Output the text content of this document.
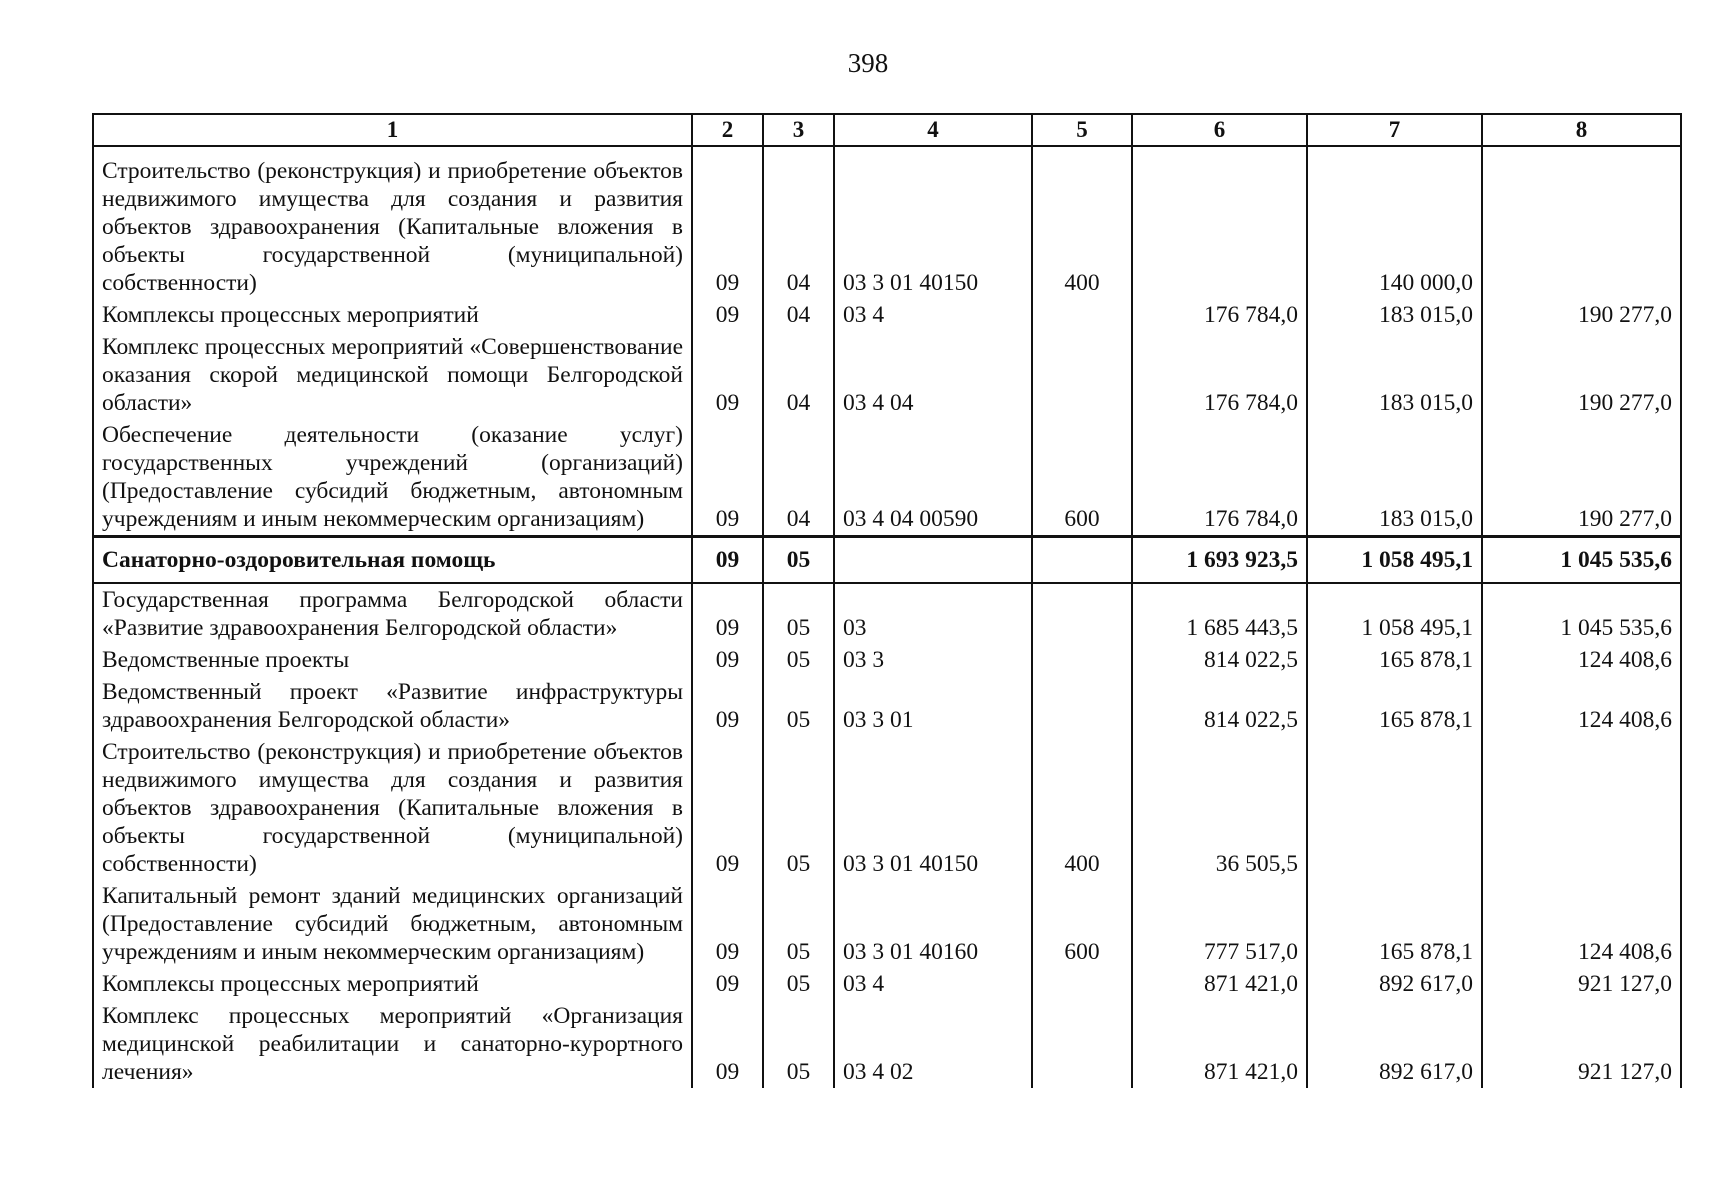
398
1	2	3	4	5	6	7	8
Строительство (реконструкция) и приобретение объектов недвижимого имущества для создания и развития объектов здравоохранения (Капитальные вложения в объекты государственной (муниципальной) собственности)	09	04	03 3 01 40150	400		140 000,0	
Комплексы процессных мероприятий	09	04	03 4		176 784,0	183 015,0	190 277,0
Комплекс процессных мероприятий «Совершенствование оказания скорой медицинской помощи Белгородской области»	09	04	03 4 04		176 784,0	183 015,0	190 277,0
Обеспечение деятельности (оказание услуг) государственных учреждений (организаций) (Предоставление субсидий бюджетным, автономным учреждениям и иным некоммерческим организациям)	09	04	03 4 04 00590	600	176 784,0	183 015,0	190 277,0
Санаторно-оздоровительная помощь	09	05			1 693 923,5	1 058 495,1	1 045 535,6
Государственная программа Белгородской области «Развитие здравоохранения Белгородской области»	09	05	03		1 685 443,5	1 058 495,1	1 045 535,6
Ведомственные проекты	09	05	03 3		814 022,5	165 878,1	124 408,6
Ведомственный проект «Развитие инфраструктуры здравоохранения Белгородской области»	09	05	03 3 01		814 022,5	165 878,1	124 408,6
Строительство (реконструкция) и приобретение объектов недвижимого имущества для создания и развития объектов здравоохранения (Капитальные вложения в объекты государственной (муниципальной) собственности)	09	05	03 3 01 40150	400	36 505,5		
Капитальный ремонт зданий медицинских организаций (Предоставление субсидий бюджетным, автономным учреждениям и иным некоммерческим организациям)	09	05	03 3 01 40160	600	777 517,0	165 878,1	124 408,6
Комплексы процессных мероприятий	09	05	03 4		871 421,0	892 617,0	921 127,0
Комплекс процессных мероприятий «Организация медицинской реабилитации и санаторно-курортного лечения»	09	05	03 4 02		871 421,0	892 617,0	921 127,0
